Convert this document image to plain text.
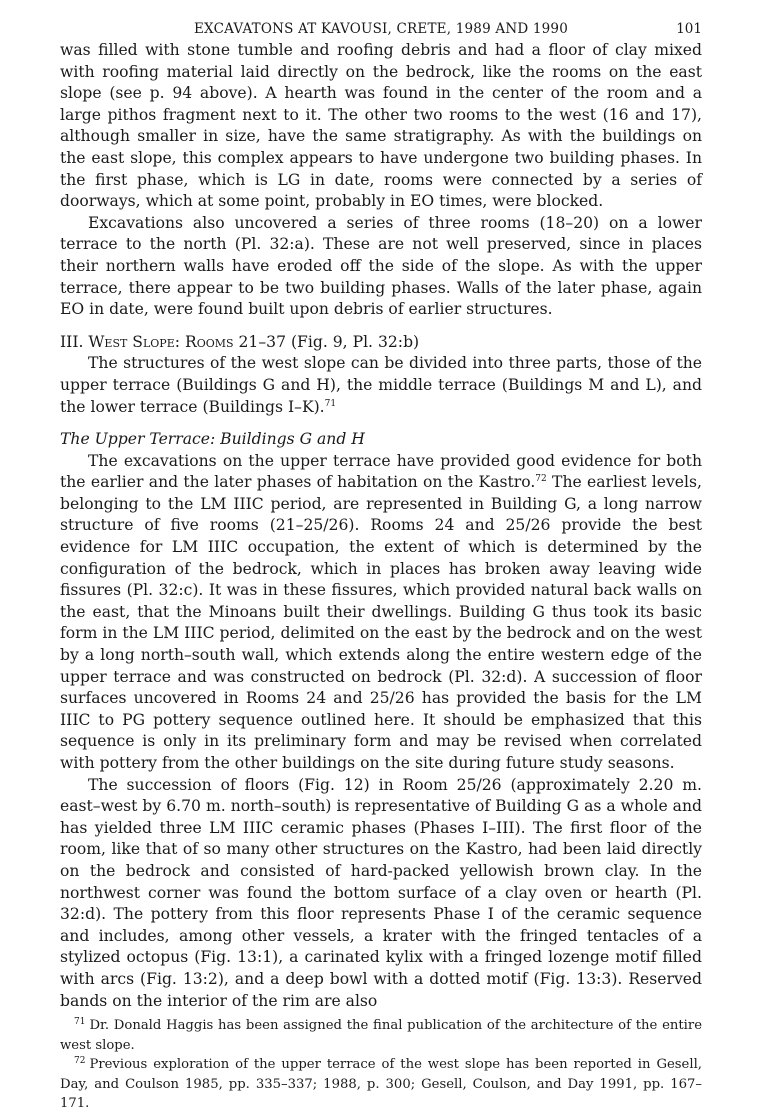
EXCAVATONS AT KAVOUSI, CRETE, 1989 AND 1990	101

was filled with stone tumble and roofing debris and had a floor of clay mixed with roofing material laid directly on the bedrock, like the rooms on the east slope (see p. 94 above). A hearth was found in the center of the room and a large pithos fragment next to it. The other two rooms to the west (16 and 17), although smaller in size, have the same stratigraphy. As with the buildings on the east slope, this complex appears to have undergone two building phases. In the first phase, which is LG in date, rooms were connected by a series of doorways, which at some point, probably in EO times, were blocked.

Excavations also uncovered a series of three rooms (18–20) on a lower terrace to the north (Pl. 32:a). These are not well preserved, since in places their northern walls have eroded off the side of the slope. As with the upper terrace, there appear to be two building phases. Walls of the later phase, again EO in date, were found built upon debris of earlier structures.

III. West Slope: Rooms 21–37 (Fig. 9, Pl. 32:b)

The structures of the west slope can be divided into three parts, those of the upper terrace (Buildings G and H), the middle terrace (Buildings M and L), and the lower terrace (Buildings I–K).$^{71}$

The Upper Terrace: Buildings G and H

The excavations on the upper terrace have provided good evidence for both the earlier and the later phases of habitation on the Kastro.$^{72}$ The earliest levels, belonging to the LM IIIC period, are represented in Building G, a long narrow structure of five rooms (21–25/26). Rooms 24 and 25/26 provide the best evidence for LM IIIC occupation, the extent of which is determined by the configuration of the bedrock, which in places has broken away leaving wide fissures (Pl. 32:c). It was in these fissures, which provided natural back walls on the east, that the Minoans built their dwellings. Building G thus took its basic form in the LM IIIC period, delimited on the east by the bedrock and on the west by a long north–south wall, which extends along the entire western edge of the upper terrace and was constructed on bedrock (Pl. 32:d). A succession of floor surfaces uncovered in Rooms 24 and 25/26 has provided the basis for the LM IIIC to PG pottery sequence outlined here. It should be emphasized that this sequence is only in its preliminary form and may be revised when correlated with pottery from the other buildings on the site during future study seasons.

The succession of floors (Fig. 12) in Room 25/26 (approximately 2.20 m. east–west by 6.70 m. north–south) is representative of Building G as a whole and has yielded three LM IIIC ceramic phases (Phases I–III). The first floor of the room, like that of so many other structures on the Kastro, had been laid directly on the bedrock and consisted of hard-packed yellowish brown clay. In the northwest corner was found the bottom surface of a clay oven or hearth (Pl. 32:d). The pottery from this floor represents Phase I of the ceramic sequence and includes, among other vessels, a krater with the fringed tentacles of a stylized octopus (Fig. 13:1), a carinated kylix with a fringed lozenge motif filled with arcs (Fig. 13:2), and a deep bowl with a dotted motif (Fig. 13:3). Reserved bands on the interior of the rim are also

$^{71}$ Dr. Donald Haggis has been assigned the final publication of the architecture of the entire west slope.

$^{72}$ Previous exploration of the upper terrace of the west slope has been reported in Gesell, Day, and Coulson 1985, pp. 335–337; 1988, p. 300; Gesell, Coulson, and Day 1991, pp. 167–171.
